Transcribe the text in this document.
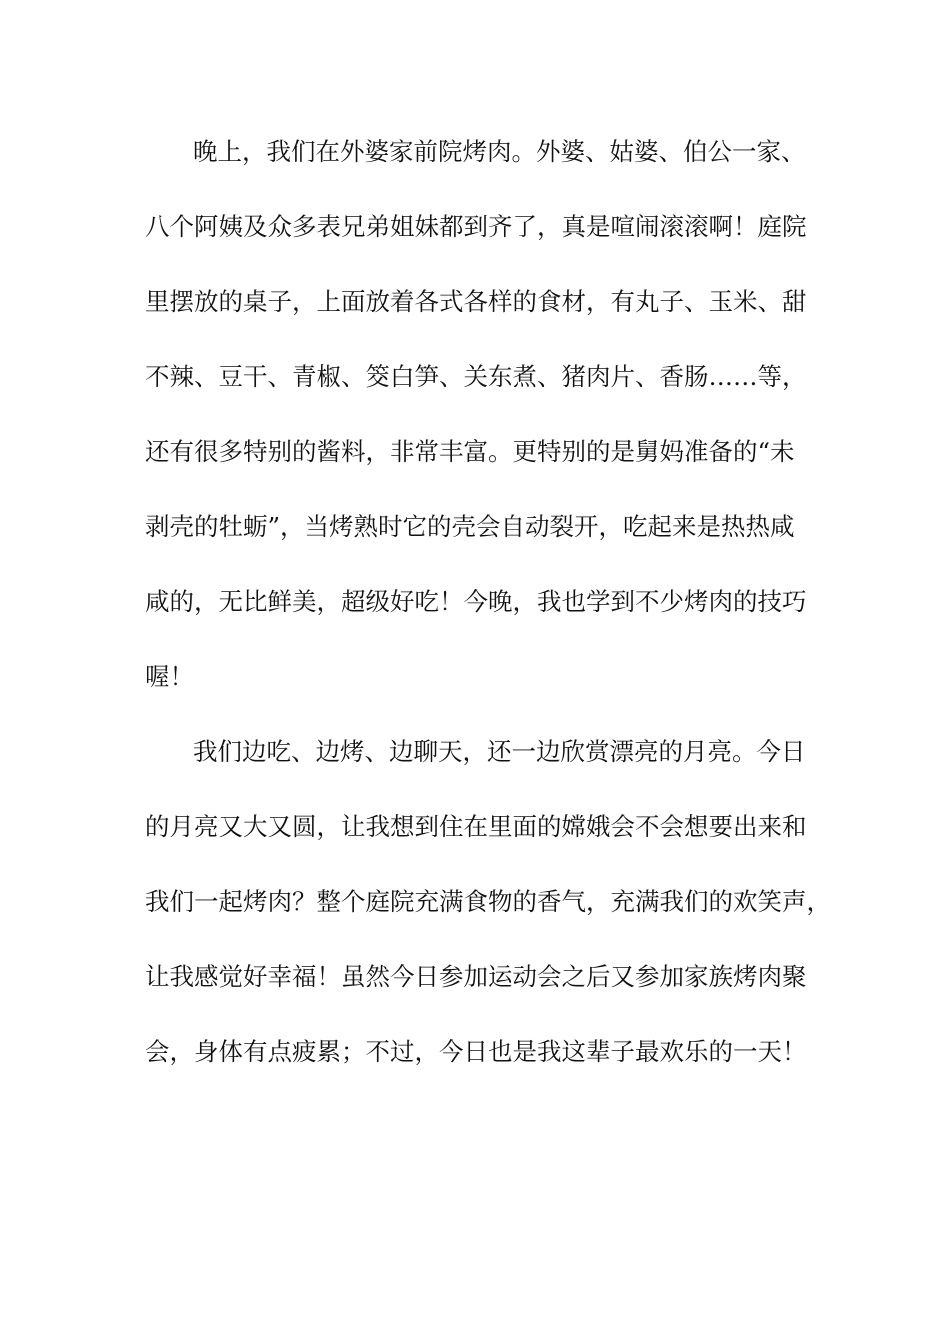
晚上，我们在外婆家前院烤肉。外婆、姑婆、伯公一家、
八个阿姨及众多表兄弟姐妹都到齐了，真是喧闹滚滚啊！庭院
里摆放的桌子，上面放着各式各样的食材，有丸子、玉米、甜
不辣、豆干、青椒、筊白笋、关东煮、猪肉片、香肠……等，
还有很多特别的酱料，非常丰富。更特别的是舅妈准备的“未
剥壳的牡蛎”，当烤熟时它的壳会自动裂开，吃起来是热热咸
咸的，无比鲜美，超级好吃！今晚，我也学到不少烤肉的技巧
喔！
我们边吃、边烤、边聊天，还一边欣赏漂亮的月亮。今日
的月亮又大又圆，让我想到住在里面的嫦娥会不会想要出来和
我们一起烤肉？整个庭院充满食物的香气，充满我们的欢笑声，
让我感觉好幸福！虽然今日参加运动会之后又参加家族烤肉聚
会，身体有点疲累；不过，今日也是我这辈子最欢乐的一天！
